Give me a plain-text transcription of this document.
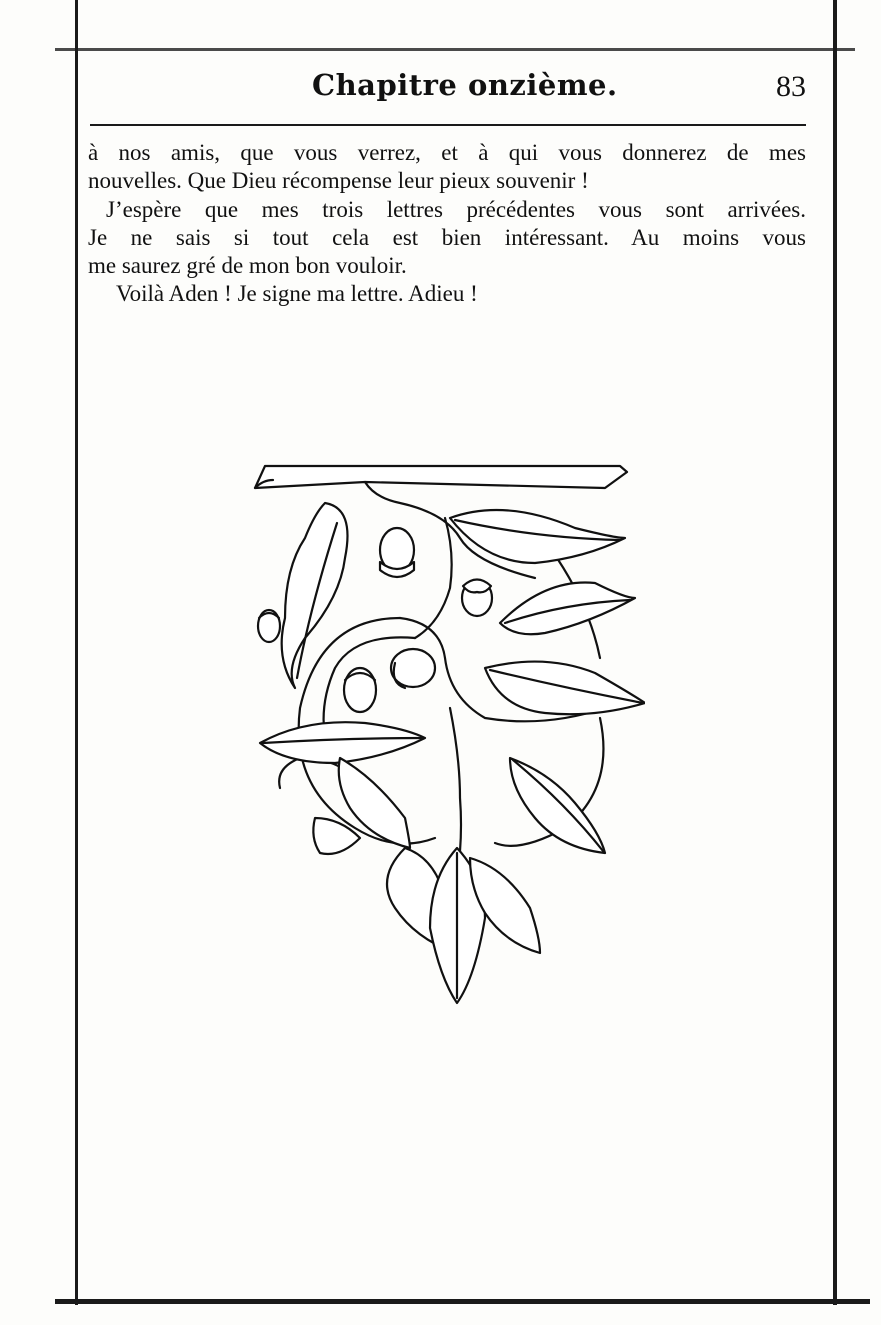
Chapitre onzième.	83
à nos amis, que vous verrez, et à qui vous donnerez de mes
nouvelles. Que Dieu récompense leur pieux souvenir !
J’espère que mes trois lettres précédentes vous sont arrivées.
Je ne sais si tout cela est bien intéressant. Au moins vous
me saurez gré de mon bon vouloir.
Voilà Aden ! Je signe ma lettre. Adieu !
